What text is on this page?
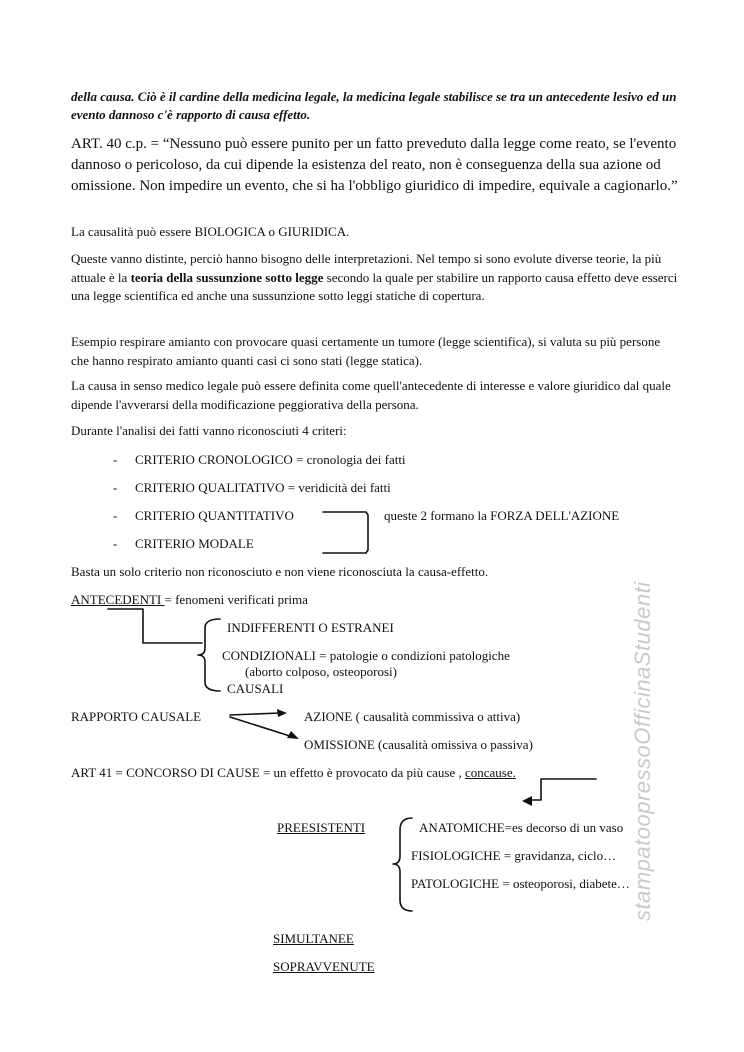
della causa. Ciò è il cardine della medicina legale, la medicina legale stabilisce se tra un antecedente lesivo ed un evento dannoso c'è rapporto di causa effetto.
ART. 40 c.p. = “Nessuno può essere punito per un fatto preveduto dalla legge come reato, se l'evento dannoso o pericoloso, da cui dipende la esistenza del reato, non è conseguenza della sua azione od omissione. Non impedire un evento, che si ha l'obbligo giuridico di impedire, equivale a cagionarlo.”
La causalità può essere BIOLOGICA o GIURIDICA.
Queste vanno distinte, perciò hanno bisogno delle interpretazioni. Nel tempo si sono evolute diverse teorie, la più attuale è la teoria della sussunzione sotto legge secondo la quale per stabilire un rapporto causa effetto deve esserci una legge scientifica ed anche una sussunzione sotto leggi statiche di copertura.
Esempio respirare amianto con provocare quasi certamente un tumore (legge scientifica), si valuta su più persone che hanno respirato amianto quanti casi ci sono stati (legge statica).
La causa in senso medico legale può essere definita come quell'antecedente di interesse e valore giuridico dal quale dipende l'avverarsi della modificazione peggiorativa della persona.
Durante l'analisi dei fatti vanno riconosciuti 4 criteri:
- CRITERIO CRONOLOGICO = cronologia dei fatti
- CRITERIO QUALITATIVO = veridicità dei fatti
- CRITERIO QUANTITATIVO
- CRITERIO MODALE
queste 2 formano la FORZA DELL'AZIONE
Basta un solo criterio non riconosciuto e non viene riconosciuta la causa-effetto.
ANTECEDENTI = fenomeni verificati prima
INDIFFERENTI O ESTRANEI
CONDIZIONALI = patologie o condizioni patologiche
(aborto colposo, osteoporosi)
CAUSALI
RAPPORTO CAUSALE	AZIONE ( causalità commissiva o attiva)
OMISSIONE (causalità omissiva o passiva)
ART 41 = CONCORSO DI CAUSE = un effetto è provocato da più cause , concause.
PREESISTENTI	ANATOMICHE=es decorso di un vaso
FISIOLOGICHE = gravidanza, ciclo…
PATOLOGICHE = osteoporosi, diabete…
SIMULTANEE
SOPRAVVENUTE
stampatoopressoOfficinaStudenti
